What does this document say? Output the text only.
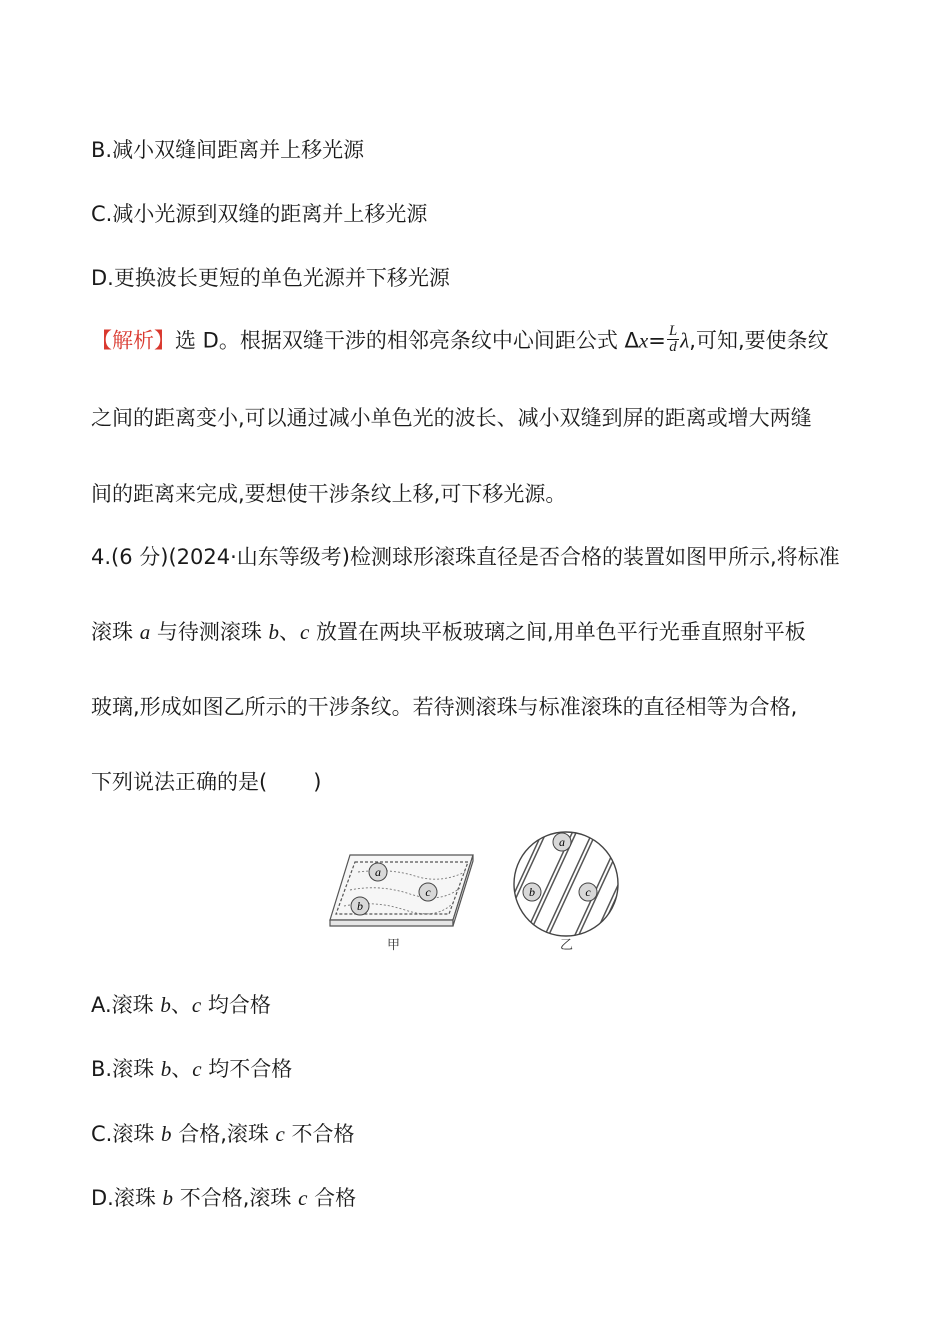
B.减小双缝间距离并上移光源
C.减小光源到双缝的距离并上移光源
D.更换波长更短的单色光源并下移光源
【解析】选 D。根据双缝干涉的相邻亮条纹中心间距公式 $\Delta x= \frac{L}{d} \lambda$,可知,要使条纹
之间的距离变小,可以通过减小单色光的波长、减小双缝到屏的距离或增大两缝
间的距离来完成,要想使干涉条纹上移,可下移光源。
4.(6 分)(2024·山东等级考)检测球形滚珠直径是否合格的装置如图甲所示,将标准
滚珠 a 与待测滚珠 b、c 放置在两块平板玻璃之间,用单色平行光垂直照射平板
玻璃,形成如图乙所示的干涉条纹。若待测滚珠与标准滚珠的直径相等为合格,
下列说法正确的是( )
a
c
b
a
b	c
甲	乙
A.滚珠 b、c 均合格
B.滚珠 b、c 均不合格
C.滚珠 b 合格,滚珠 c 不合格
D.滚珠 b 不合格,滚珠 c 合格
